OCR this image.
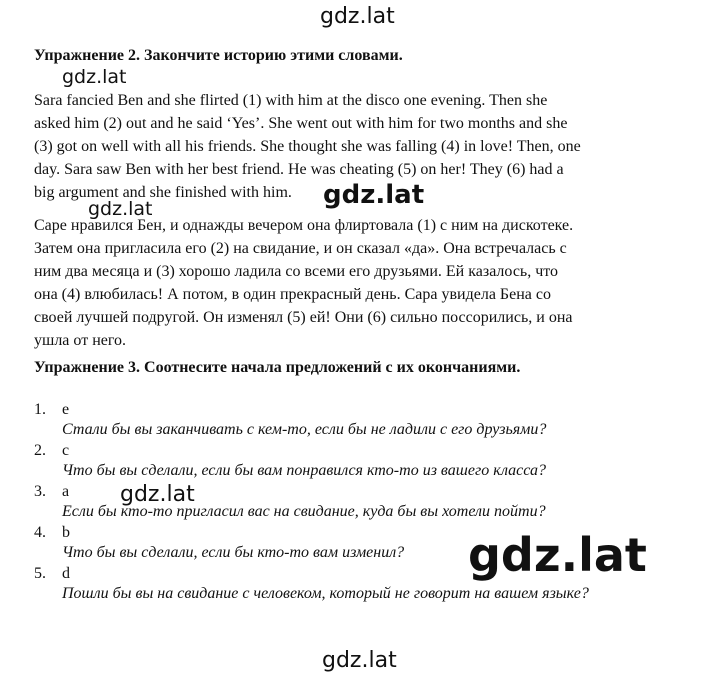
Упражнение 2. Закончите историю этими словами.
Sara fancied Ben and she flirted (1) with him at the disco one evening. Then she
asked him (2) out and he said ‘Yes’. She went out with him for two months and she
(3) got on well with all his friends. She thought she was falling (4) in love! Then, one
day. Sara saw Ben with her best friend. He was cheating (5) on her! They (6) had a
big argument and she finished with him.
Саре нравился Бен, и однажды вечером она флиртовала (1) с ним на дискотеке.
Затем она пригласила его (2) на свидание, и он сказал «да». Она встречалась с
ним два месяца и (3) хорошо ладила со всеми его друзьями. Ей казалось, что
она (4) влюбилась! А потом, в один прекрасный день. Сара увидела Бена со
своей лучшей подругой. Он изменял (5) ей! Они (6) сильно поссорились, и она
ушла от него.
Упражнение 3. Соотнесите начала предложений с их окончаниями.
1.	e
Стали бы вы заканчивать с кем-то, если бы не ладили с его друзьями?
2.	c
Что бы вы сделали, если бы вам понравился кто-то из вашего класса?
3.	a
Если бы кто-то пригласил вас на свидание, куда бы вы хотели пойти?
4.	b
Что бы вы сделали, если бы кто-то вам изменил?
5.	d
Пошли бы вы на свидание с человеком, который не говорит на вашем языке?
gdz.lat
gdz.lat
gdz.lat
gdz.lat
gdz.lat
gdz.lat
gdz.lat
